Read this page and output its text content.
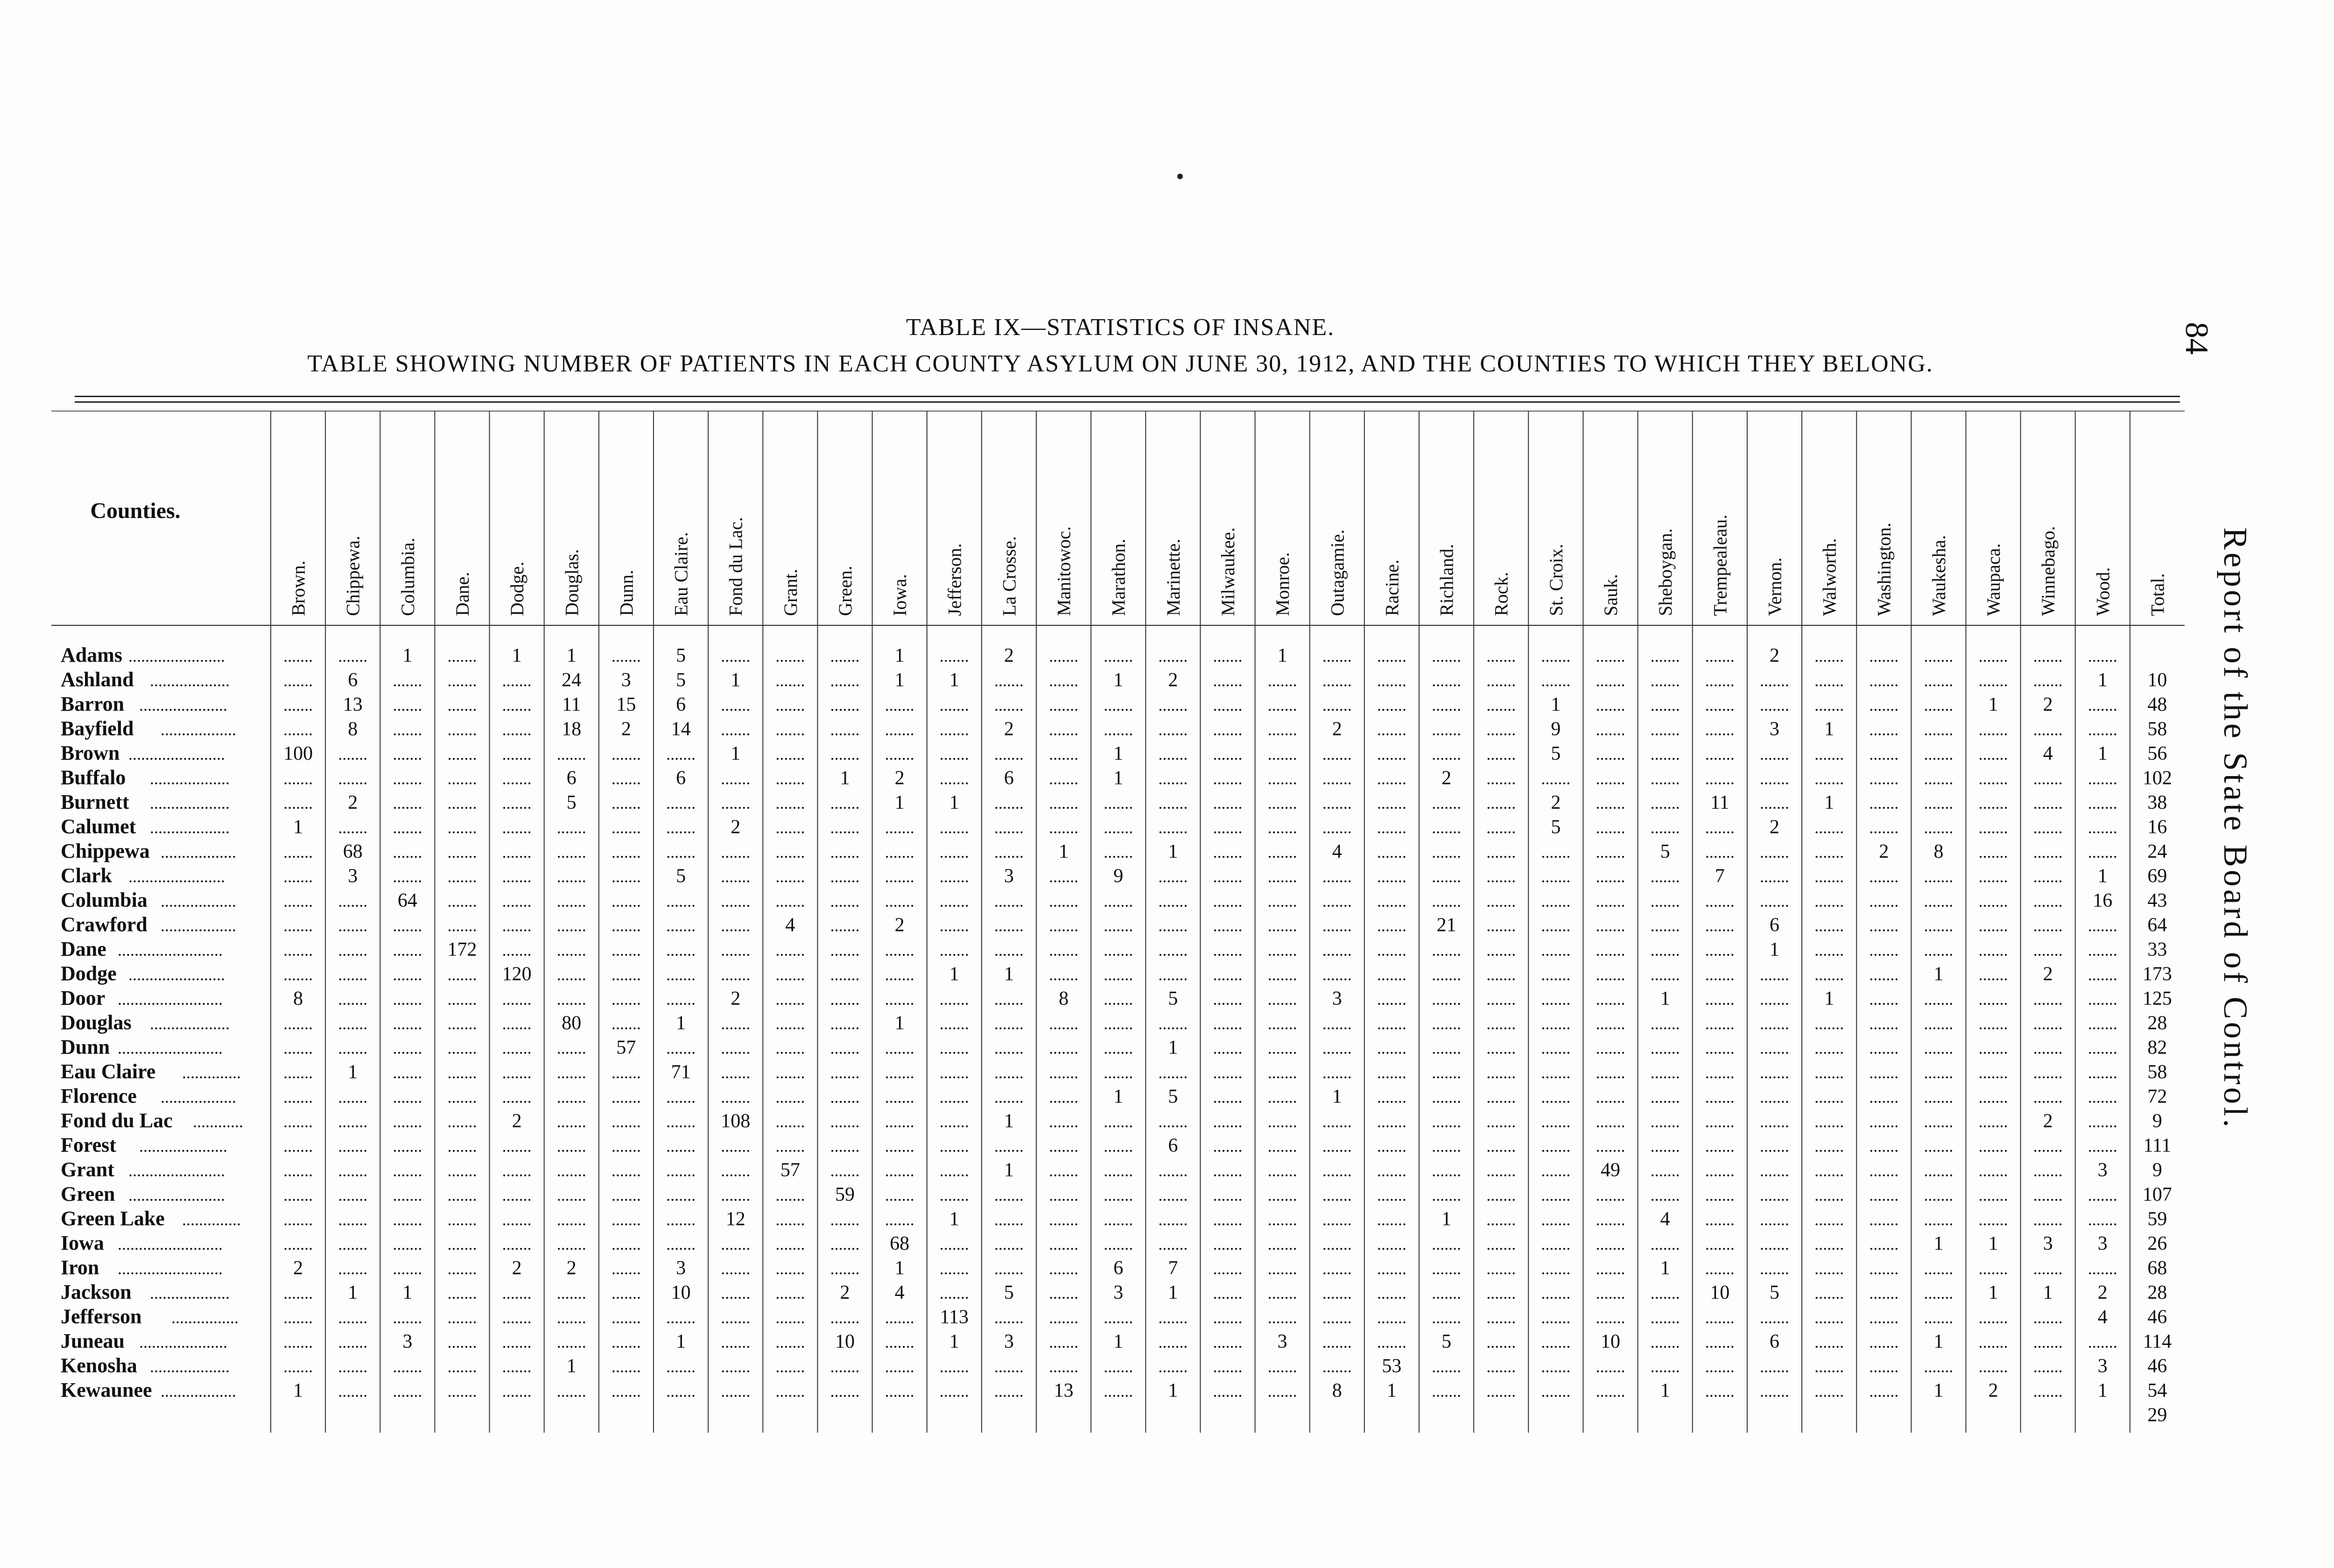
TABLE IX—STATISTICS OF INSANE.
TABLE SHOWING NUMBER OF PATIENTS IN EACH COUNTY ASYLUM ON JUNE 30, 1912, AND THE COUNTIES TO WHICH THEY BELONG.
84
Report of the State Board of Control.
Counties.
Brown. Chippewa. Columbia. Dane. Dodge. Douglas. Dunn. Eau Claire. Fond du Lac. Grant. Green. Iowa. Jefferson. La Crosse. Manitowoc. Marathon. Marinette. Milwaukee. Monroe. Outagamie. Racine. Richland. Rock. St. Croix. Sauk. Sheboygan. Trempealeau. Vernon. Walworth. Washington. Waukesha. Waupaca. Winnebago. Wood. Total.
Adams .......................	....... ....... 1 ....... 1 1 ....... 5 ....... ....... ....... 1 ....... 2 ....... ....... ....... ....... 1 ....... ....... ....... ....... ....... ....... ....... ....... 2 ....... ....... ....... ....... ....... .......
Ashland ...................	....... 6 ....... ....... ....... 24 3 5 1 ....... ....... 1 1 ....... ....... 1 2 ....... ....... ....... ....... ....... ....... ....... ....... ....... ....... ....... ....... ....... ....... ....... ....... 1 10
Barron .....................	....... 13 ....... ....... ....... 11 15 6 ....... ....... ....... ....... ....... ....... ....... ....... ....... ....... ....... ....... ....... ....... ....... 1 ....... ....... ....... ....... ....... ....... ....... 1 2 ....... 48
Bayfield ..................	....... 8 ....... ....... ....... 18 2 14 ....... ....... ....... ....... ....... 2 ....... ....... ....... ....... ....... 2 ....... ....... ....... 9 ....... ....... ....... 3 1 ....... ....... ....... ....... ....... 58
Brown .......................	100 ....... ....... ....... ....... ....... ....... ....... 1 ....... ....... ....... ....... ....... ....... 1 ....... ....... ....... ....... ....... ....... ....... 5 ....... ....... ....... ....... ....... ....... ....... ....... 4 1 56
Buffalo ...................	....... ....... ....... ....... ....... 6 ....... 6 ....... ....... 1 2 ....... 6 ....... 1 ....... ....... ....... ....... ....... 2 ....... ....... ....... ....... ....... ....... ....... ....... ....... ....... ....... ....... 102
Burnett ...................	....... 2 ....... ....... ....... 5 ....... ....... ....... ....... ....... 1 1 ....... ....... ....... ....... ....... ....... ....... ....... ....... ....... 2 ....... ....... 11 ....... 1 ....... ....... ....... ....... ....... 38
Calumet ...................	1 ....... ....... ....... ....... ....... ....... ....... 2 ....... ....... ....... ....... ....... ....... ....... ....... ....... ....... ....... ....... ....... ....... 5 ....... ....... ....... 2 ....... ....... ....... ....... ....... ....... 16
Chippewa ..................	....... 68 ....... ....... ....... ....... ....... ....... ....... ....... ....... ....... ....... ....... 1 ....... 1 ....... ....... 4 ....... ....... ....... ....... ....... 5 ....... ....... ....... 2 8 ....... ....... ....... 24
Clark .......................	....... 3 ....... ....... ....... ....... ....... 5 ....... ....... ....... ....... ....... 3 ....... 9 ....... ....... ....... ....... ....... ....... ....... ....... ....... ....... 7 ....... ....... ....... ....... ....... ....... 1 69
Columbia ..................	....... ....... 64 ....... ....... ....... ....... ....... ....... ....... ....... ....... ....... ....... ....... ....... ....... ....... ....... ....... ....... ....... ....... ....... ....... ....... ....... ....... ....... ....... ....... ....... ....... 16 43
Crawford ..................	....... ....... ....... ....... ....... ....... ....... ....... ....... 4 ....... 2 ....... ....... ....... ....... ....... ....... ....... ....... ....... 21 ....... ....... ....... ....... ....... 6 ....... ....... ....... ....... ....... ....... 64
Dane .........................	....... ....... ....... 172 ....... ....... ....... ....... ....... ....... ....... ....... ....... ....... ....... ....... ....... ....... ....... ....... ....... ....... ....... ....... ....... ....... ....... 1 ....... ....... ....... ....... ....... ....... 33
Dodge .......................	....... ....... ....... ....... 120 ....... ....... ....... ....... ....... ....... ....... 1 1 ....... ....... ....... ....... ....... ....... ....... ....... ....... ....... ....... ....... ....... ....... ....... ....... 1 ....... 2 ....... 173
Door .........................	8 ....... ....... ....... ....... ....... ....... ....... 2 ....... ....... ....... ....... ....... 8 ....... 5 ....... ....... 3 ....... ....... ....... ....... ....... 1 ....... ....... 1 ....... ....... ....... ....... ....... 125
Douglas ...................	....... ....... ....... ....... ....... 80 ....... 1 ....... ....... ....... 1 ....... ....... ....... ....... ....... ....... ....... ....... ....... ....... ....... ....... ....... ....... ....... ....... ....... ....... ....... ....... ....... ....... 28
Dunn .........................	....... ....... ....... ....... ....... ....... 57 ....... ....... ....... ....... ....... ....... ....... ....... ....... 1 ....... ....... ....... ....... ....... ....... ....... ....... ....... ....... ....... ....... ....... ....... ....... ....... ....... 82
Eau Claire ..............	....... 1 ....... ....... ....... ....... ....... 71 ....... ....... ....... ....... ....... ....... ....... ....... ....... ....... ....... ....... ....... ....... ....... ....... ....... ....... ....... ....... ....... ....... ....... ....... ....... ....... 58
Florence ..................	....... ....... ....... ....... ....... ....... ....... ....... ....... ....... ....... ....... ....... ....... ....... 1 5 ....... ....... 1 ....... ....... ....... ....... ....... ....... ....... ....... ....... ....... ....... ....... ....... ....... 72
Fond du Lac ............ ....... ....... ....... ....... 2 ....... ....... ....... 108 ....... ....... ....... ....... 1 ....... ....... ....... ....... ....... ....... ....... ....... ....... ....... ....... ....... ....... ....... ....... ....... ....... ....... 2 ....... 9
Forest .....................	....... ....... ....... ....... ....... ....... ....... ....... ....... ....... ....... ....... ....... ....... ....... ....... 6 ....... ....... ....... ....... ....... ....... ....... ....... ....... ....... ....... ....... ....... ....... ....... ....... ....... 111
Grant .......................	....... ....... ....... ....... ....... ....... ....... ....... ....... 57 ....... ....... ....... 1 ....... ....... ....... ....... ....... ....... ....... ....... ....... ....... 49 ....... ....... ....... ....... ....... ....... ....... ....... 3 9
Green .......................	....... ....... ....... ....... ....... ....... ....... ....... ....... ....... 59 ....... ....... ....... ....... ....... ....... ....... ....... ....... ....... ....... ....... ....... ....... ....... ....... ....... ....... ....... ....... ....... ....... ....... 107
Green Lake ..............	....... ....... ....... ....... ....... ....... ....... ....... 12 ....... ....... ....... 1 ....... ....... ....... ....... ....... ....... ....... ....... 1 ....... ....... ....... 4 ....... ....... ....... ....... ....... ....... ....... ....... 59
Iowa .........................	....... ....... ....... ....... ....... ....... ....... ....... ....... ....... ....... 68 ....... ....... ....... ....... ....... ....... ....... ....... ....... ....... ....... ....... ....... ....... ....... ....... ....... ....... 1 1 3 3 26
Iron .........................	2 ....... ....... ....... 2 2 ....... 3 ....... ....... ....... 1 ....... ....... ....... 6 7 ....... ....... ....... ....... ....... ....... ....... ....... 1 ....... ....... ....... ....... ....... ....... ....... ....... 68
Jackson ...................	....... 1 1 ....... ....... ....... ....... 10 ....... ....... 2 4 ....... 5 ....... 3 1 ....... ....... ....... ....... ....... ....... ....... ....... ....... 10 5 ....... ....... ....... 1 1 2 28
Jefferson ................	....... ....... ....... ....... ....... ....... ....... ....... ....... ....... ....... ....... 113 ....... ....... ....... ....... ....... ....... ....... ....... ....... ....... ....... ....... ....... ....... ....... ....... ....... ....... ....... ....... 4 46
Juneau .....................	....... ....... 3 ....... ....... ....... ....... 1 ....... ....... 10 ....... 1 3 ....... 1 ....... ....... 3 ....... ....... 5 ....... ....... 10 ....... ....... 6 ....... ....... 1 ....... ....... ....... 114
Kenosha ...................	....... ....... ....... ....... ....... 1 ....... ....... ....... ....... ....... ....... ....... ....... ....... ....... ....... ....... ....... ....... 53 ....... ....... ....... ....... ....... ....... ....... ....... ....... ....... ....... ....... 3 46
Kewaunee ..................	1 ....... ....... ....... ....... ....... ....... ....... ....... ....... ....... ....... ....... ....... 13 ....... 1 ....... ....... 8 1 ....... ....... ....... ....... 1 ....... ....... ....... ....... 1 2 ....... 1 54
29
